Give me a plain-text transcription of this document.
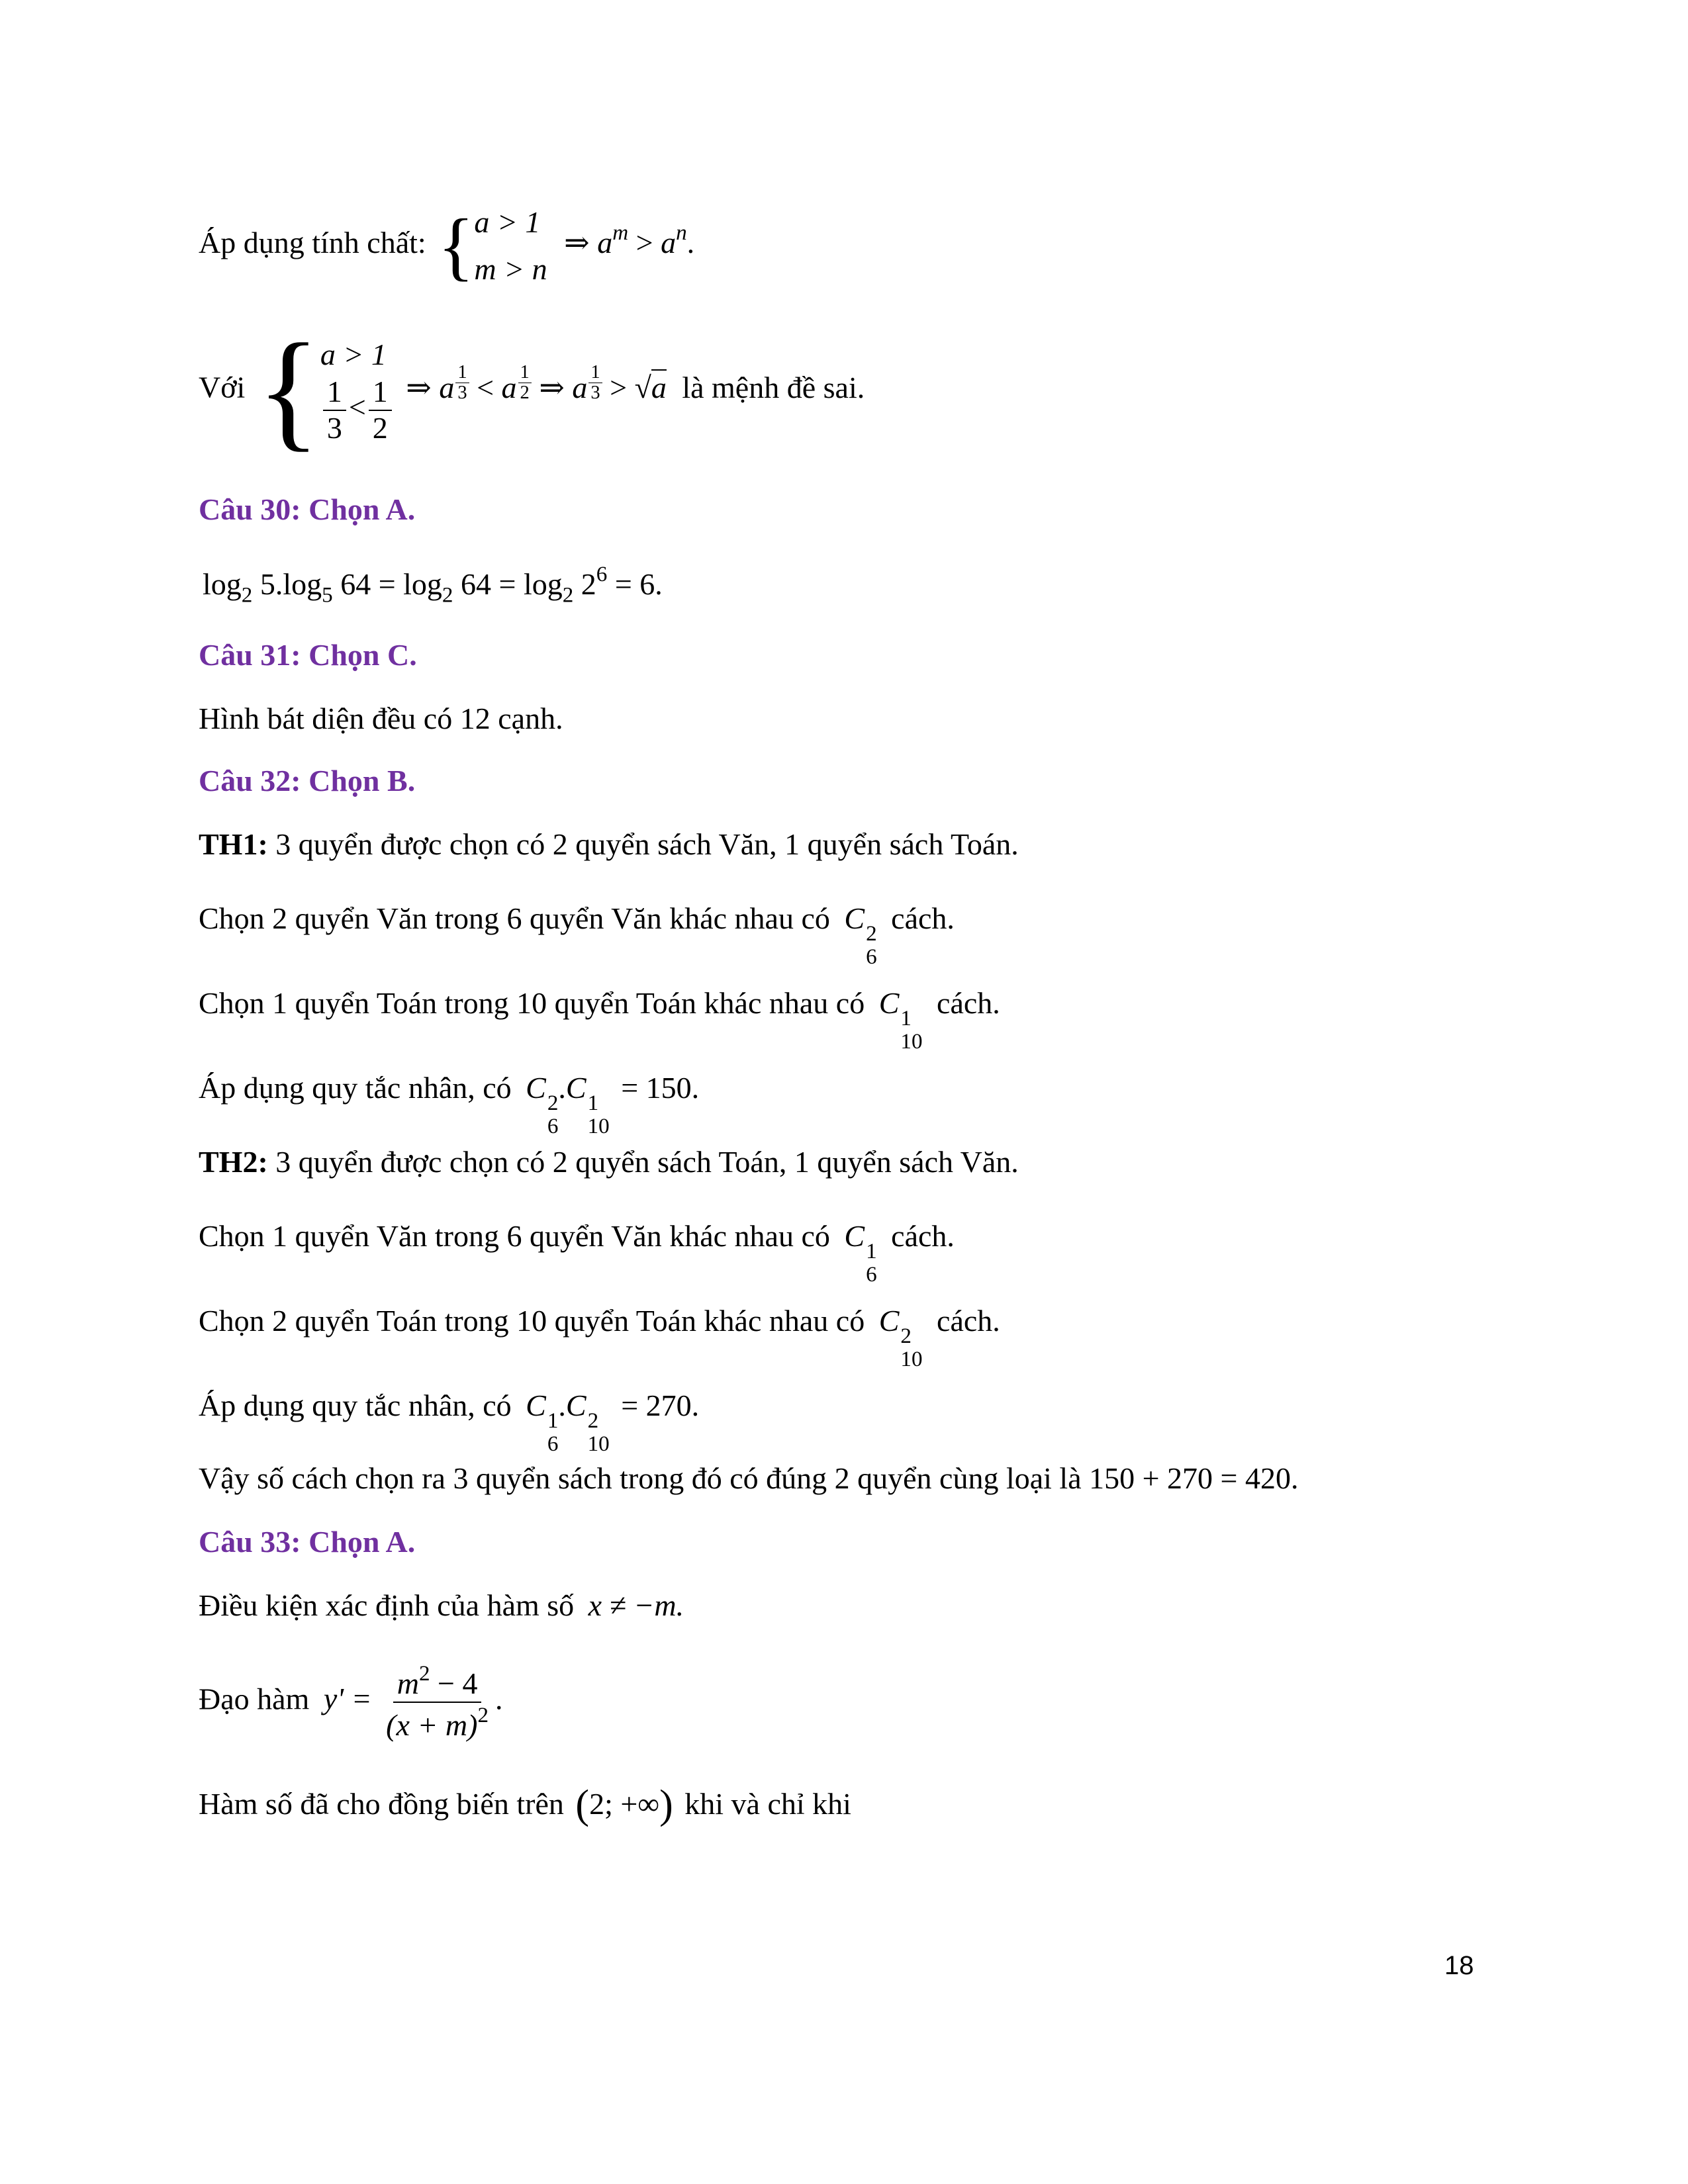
Áp dụng tính chất: { a > 1
m > n
⇒ $a^m > a^n$.
Với { a > 1
$\frac{1}{3} < \frac{1}{2}$ ⇒ a $\frac{1}{3} < a \frac{1}{2}$ ⇒ a $\frac{1}{3} > √a$ là mệnh đề sai.
Câu 30: Chọn A.
$\log_2 5.\log_5$ $64 = \log_2 64 = \log_2 2^6 = 6$.
Câu 31: Chọn C.
Hình bát diện đều có 12 cạnh.
Câu 32: Chọn B.
TH1: 3 quyển được chọn có 2 quyển sách Văn, 1 quyển sách Toán.
Chọn 2 quyển Văn trong 6 quyển Văn khác nhau có C 2
6
cách.
Chọn 1 quyển Toán trong 10 quyển Toán khác nhau có C 1
10
cách.
Áp dụng quy tắc nhân, có C 2
6
.C 1
10
= 150.
TH2: 3 quyển được chọn có 2 quyển sách Toán, 1 quyển sách Văn.
Chọn 1 quyển Văn trong 6 quyển Văn khác nhau có C 1
6
cách.
Chọn 2 quyển Toán trong 10 quyển Toán khác nhau có C 2
10
cách.
Áp dụng quy tắc nhân, có C 1
6
.C 2
10
= 270.
Vậy số cách chọn ra 3 quyển sách trong đó có đúng 2 quyển cùng loại là 150 + 270 = 420.
Câu 33: Chọn A.
Điều kiện xác định của hàm số x ≠ −m.
Đạo hàm $y' = \frac{m^2 - 4}{(x + m)^2}$ .
Hàm số đã cho đồng biến trên (2; +∞) khi và chỉ khi
18
